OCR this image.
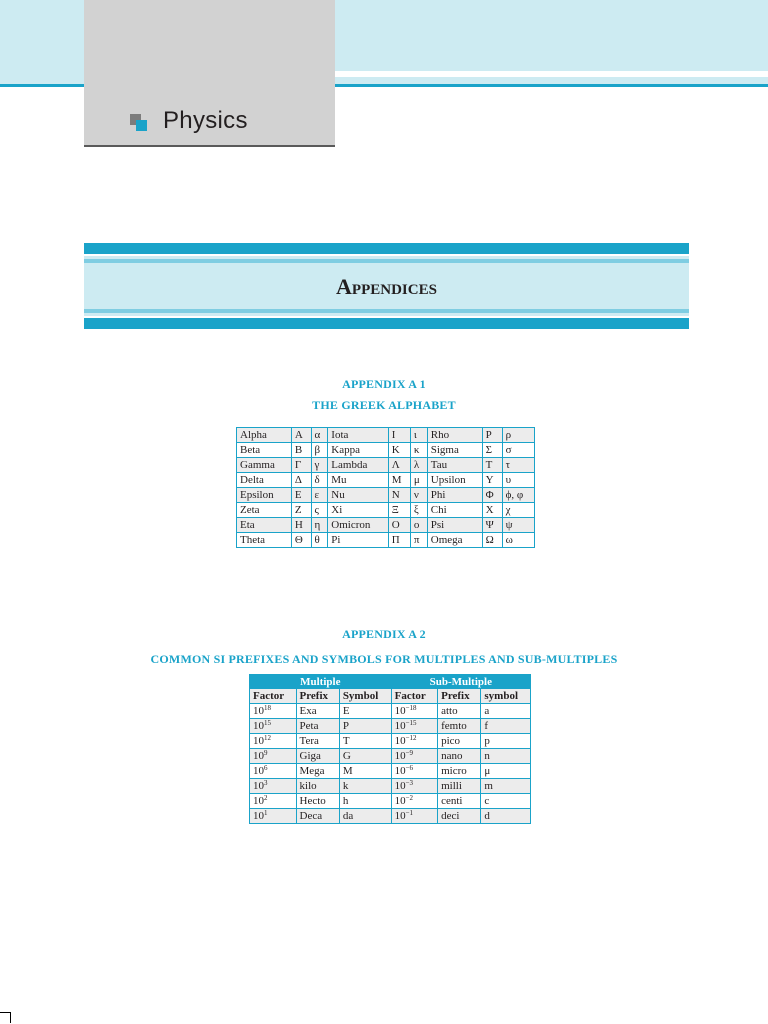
Physics
Appendices
APPENDIX A 1
THE GREEK ALPHABET
Alpha	Α	α	Iota	Ι	ι	Rho	Ρ	ρ
Beta	Β	β	Kappa	Κ	κ	Sigma	Σ	σ
Gamma	Γ	γ	Lambda	Λ	λ	Tau	Τ	τ
Delta	Δ	δ	Mu	Μ	μ	Upsilon	Υ	υ
Epsilon	Ε	ε	Nu	Ν	ν	Phi	Φ	ϕ, φ
Zeta	Ζ	ς	Xi	Ξ	ξ	Chi	Χ	χ
Eta	Η	η	Omicron	Ο	ο	Psi	Ψ	ψ
Theta	Θ	θ	Pi	Π	π	Omega	Ω	ω
APPENDIX A 2
COMMON SI PREFIXES AND SYMBOLS FOR MULTIPLES AND SUB-MULTIPLES
Multiple			Sub-Multiple		
Factor	Prefix	Symbol	Factor	Prefix	symbol
$10^{18}$	Exa	E	$10^{-18}$	atto	a
$10^{15}$	Peta	P	$10^{-15}$	femto	f
$10^{12}$	Tera	T	$10^{-12}$	pico	p
$10^9$	Giga	G	$10^{-9}$	nano	n
$10^6$	Mega	M	$10^{-6}$	micro	μ
$10^3$	kilo	k	$10^{-3}$	milli	m
$10^2$	Hecto	h	$10^{-2}$	centi	c
$10^1$	Deca	da	$10^{-1}$	deci	d
